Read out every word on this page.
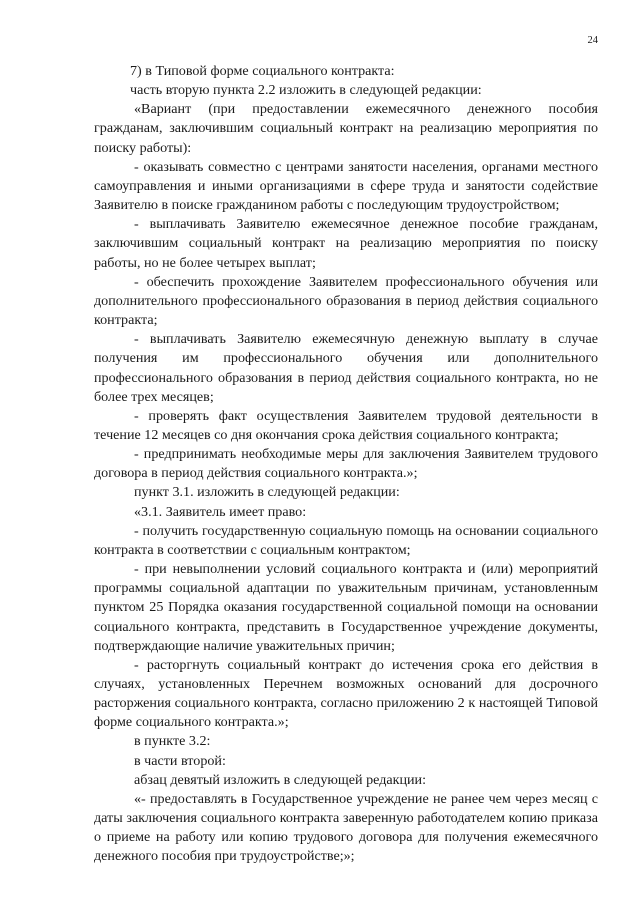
24

7) в Типовой форме социального контракта:

часть вторую пункта 2.2 изложить в следующей редакции:

«Вариант (при предоставлении ежемесячного денежного пособия гражданам, заключившим социальный контракт на реализацию мероприятия по поиску работы):

- оказывать совместно с центрами занятости населения, органами местного самоуправления и иными организациями в сфере труда и занятости содействие Заявителю в поиске гражданином работы с последующим трудоустройством;

- выплачивать Заявителю ежемесячное денежное пособие гражданам, заключившим социальный контракт на реализацию мероприятия по поиску работы, но не более четырех выплат;

- обеспечить прохождение Заявителем профессионального обучения или дополнительного профессионального образования в период действия социального контракта;

- выплачивать Заявителю ежемесячную денежную выплату в случае получения им профессионального обучения или дополнительного профессионального образования в период действия социального контракта, но не более трех месяцев;

- проверять факт осуществления Заявителем трудовой деятельности в течение 12 месяцев со дня окончания срока действия социального контракта;

- предпринимать необходимые меры для заключения Заявителем трудового договора в период действия социального контракта.»;

пункт 3.1. изложить в следующей редакции:

«3.1. Заявитель имеет право:

- получить государственную социальную помощь на основании социального контракта в соответствии с социальным контрактом;

- при невыполнении условий социального контракта и (или) мероприятий программы социальной адаптации по уважительным причинам, установленным пунктом 25 Порядка оказания государственной социальной помощи на основании социального контракта, представить в Государственное учреждение документы, подтверждающие наличие уважительных причин;

- расторгнуть социальный контракт до истечения срока его действия в случаях, установленных Перечнем возможных оснований для досрочного расторжения социального контракта, согласно приложению 2 к настоящей Типовой форме социального контракта.»;

в пункте 3.2:

в части второй:

абзац девятый изложить в следующей редакции:

«- предоставлять в Государственное учреждение не ранее чем через месяц с даты заключения социального контракта заверенную работодателем копию приказа о приеме на работу или копию трудового договора для получения ежемесячного денежного пособия при трудоустройстве;»;
